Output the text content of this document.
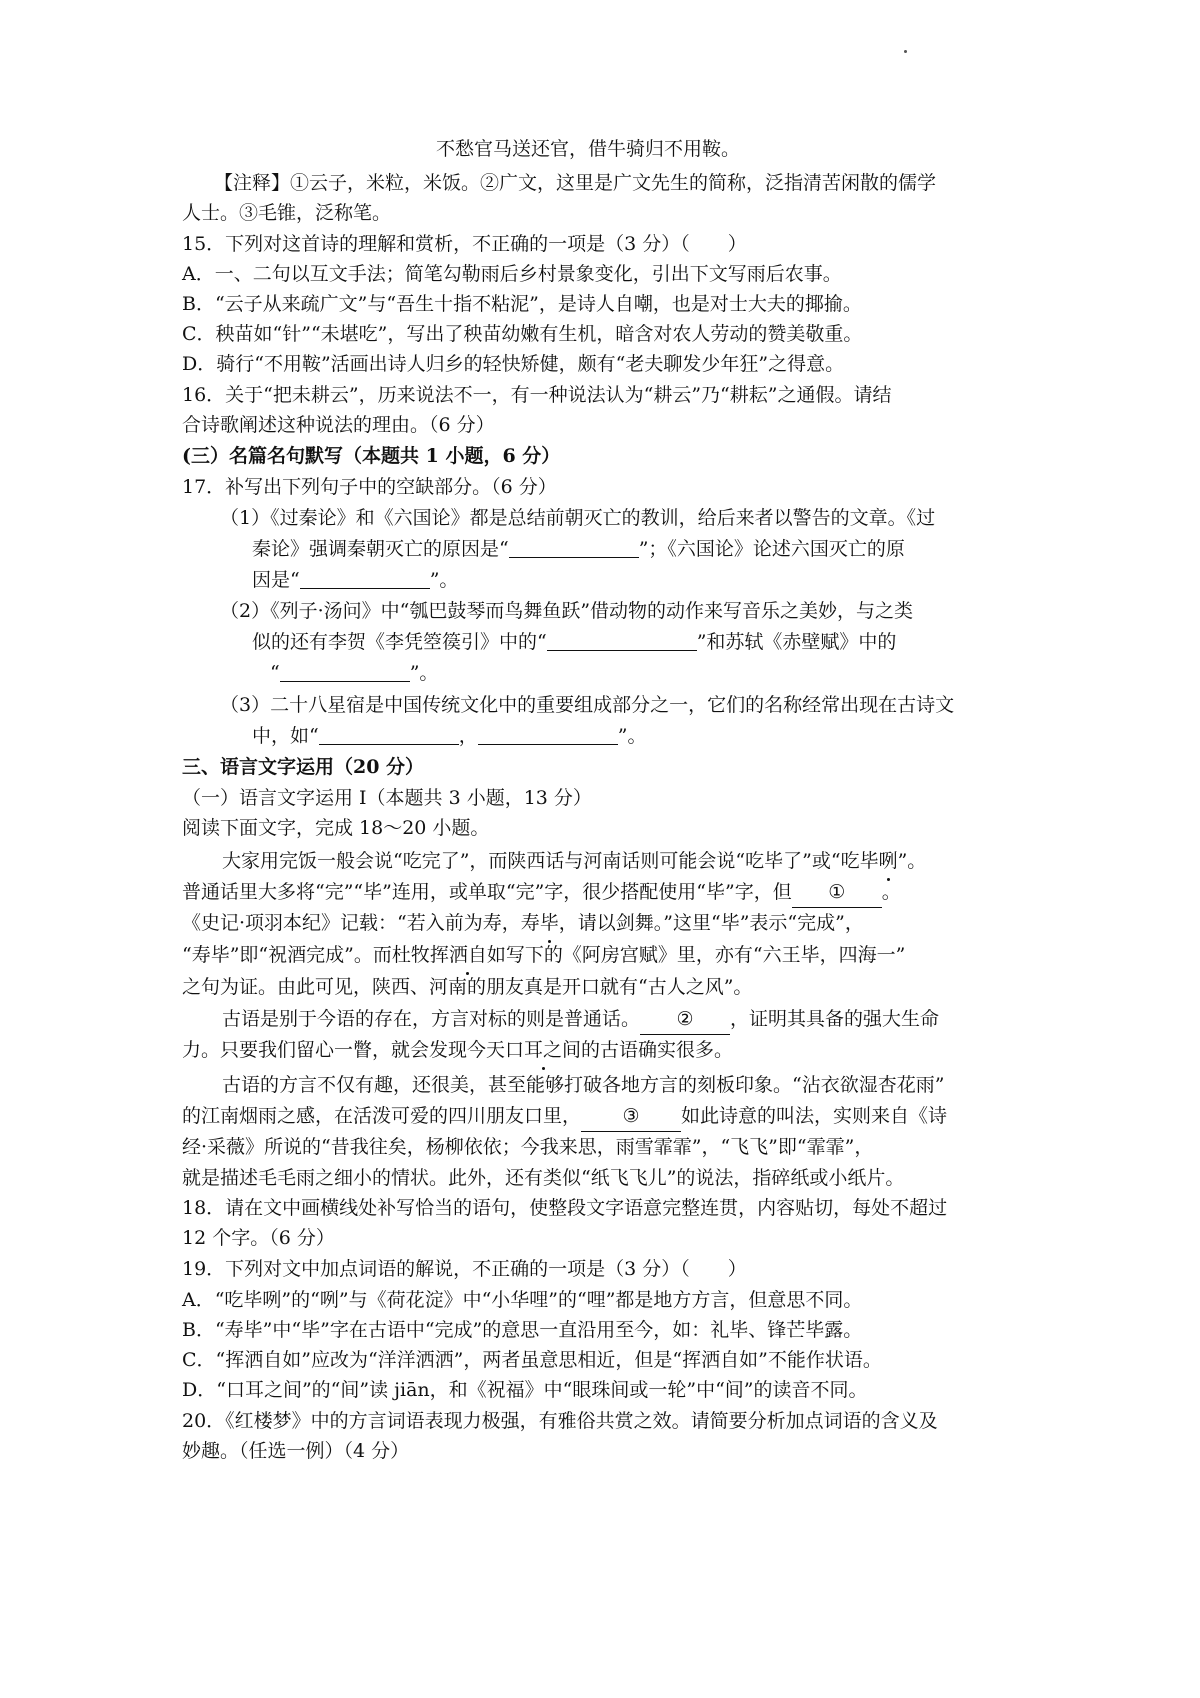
不愁官马送还官，借牛骑归不用鞍。
【注释】①云子，米粒，米饭。②广文，这里是广文先生的简称，泛指清苦闲散的儒学
人士。③毛锥，泛称笔。
15．下列对这首诗的理解和赏析，不正确的一项是（3 分）（　　）
A．一、二句以互文手法；简笔勾勒雨后乡村景象变化，引出下文写雨后农事。
B．“云子从来疏广文”与“吾生十指不粘泥”，是诗人自嘲，也是对士大夫的揶揄。
C．秧苗如“针”“未堪吃”，写出了秧苗幼嫩有生机，暗含对农人劳动的赞美敬重。
D．骑行“不用鞍”活画出诗人归乡的轻快矫健，颇有“老夫聊发少年狂”之得意。
16．关于“把未耕云”，历来说法不一，有一种说法认为“耕云”乃“耕耘”之通假。请结
合诗歌阐述这种说法的理由。（6 分）
(三）名篇名句默写（本题共 1 小题，6 分）
17．补写出下列句子中的空缺部分。（6 分）
（1）《过秦论》和《六国论》都是总结前朝灭亡的教训，给后来者以警告的文章。《过
秦论》强调秦朝灭亡的原因是“	”；《六国论》论述六国灭亡的原
因是“	”。
（2）《列子·汤问》中“瓠巴鼓琴而鸟舞鱼跃”借动物的动作来写音乐之美妙，与之类
似的还有李贺《李凭箜篌引》中的“	”和苏轼《赤壁赋》中的
“	”。
（3）二十八星宿是中国传统文化中的重要组成部分之一，它们的名称经常出现在古诗文
中，如“	，	”。
三、语言文字运用（20 分）
（一）语言文字运用 I（本题共 3 小题，13 分）
阅读下面文字，完成 18～20 小题。
大家用完饭一般会说“吃完了”，而陕西话与河南话则可能会说“吃毕了”或“吃毕咧”。
普通话里大多将“完”“毕”连用，或单取“完”字，很少搭配使用“毕”字，但 ① 。
《史记·项羽本纪》记载：“若入前为寿，寿毕，请以剑舞。”这里“毕”表示“完成”，
“寿毕”即“祝酒完成”。而杜牧挥洒自如写下的《阿房宫赋》里，亦有“六王毕，四海一”
之句为证。由此可见，陕西、河南的朋友真是开口就有“古人之风”。
古语是别于今语的存在，方言对标的则是普通话。 ② ，证明其具备的强大生命
力。只要我们留心一瞥，就会发现今天口耳之间的古语确实很多。
古语的方言不仅有趣，还很美，甚至能够打破各地方言的刻板印象。“沾衣欲湿杏花雨”
的江南烟雨之感，在活泼可爱的四川朋友口里， ③ 如此诗意的叫法，实则来自《诗
经·采薇》所说的“昔我往矣，杨柳依依；今我来思，雨雪霏霏”，“飞飞”即“霏霏”，
就是描述毛毛雨之细小的情状。此外，还有类似“纸飞飞儿”的说法，指碎纸或小纸片。
18．请在文中画横线处补写恰当的语句，使整段文字语意完整连贯，内容贴切，每处不超过
12 个字。（6 分）
19．下列对文中加点词语的解说，不正确的一项是（3 分）（　　）
A．“吃毕咧”的“咧”与《荷花淀》中“小华哩”的“哩”都是地方方言，但意思不同。
B．“寿毕”中“毕”字在古语中“完成”的意思一直沿用至今，如：礼毕、锋芒毕露。
C．“挥洒自如”应改为“洋洋洒洒”，两者虽意思相近，但是“挥洒自如”不能作状语。
D．“口耳之间”的“间”读 jiān，和《祝福》中“眼珠间或一轮”中“间”的读音不同。
20．《红楼梦》中的方言词语表现力极强，有雅俗共赏之效。请简要分析加点词语的含义及
妙趣。（任选一例）（4 分）
